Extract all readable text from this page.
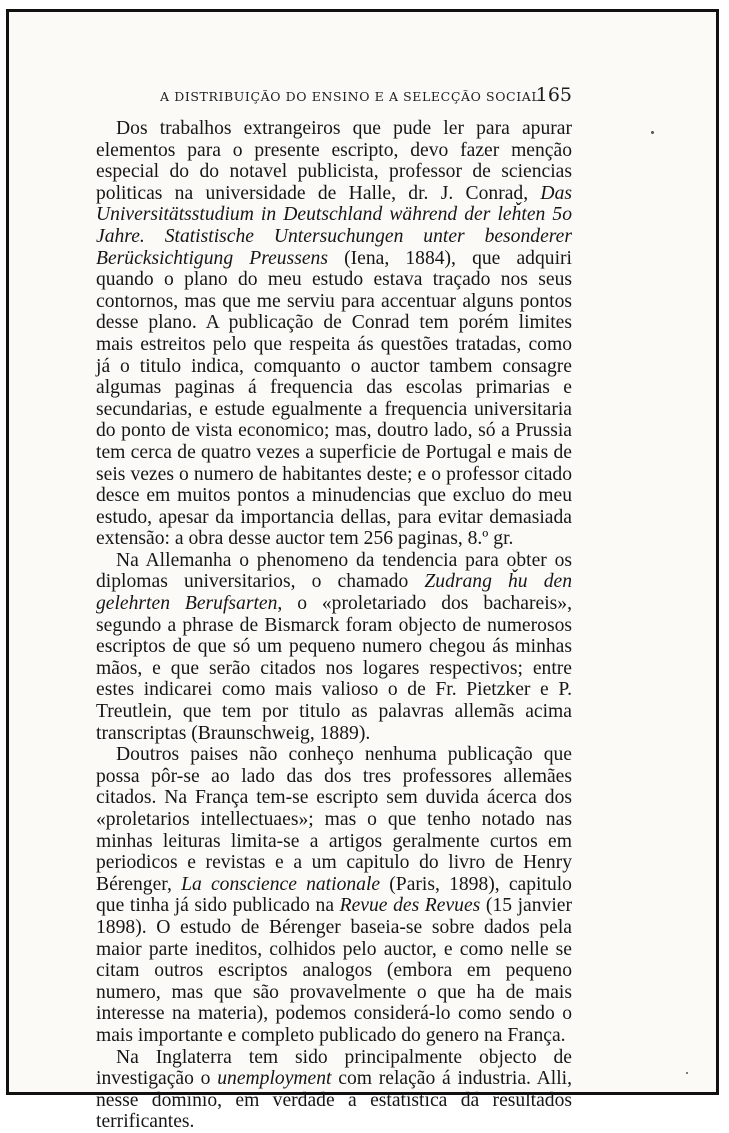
A DISTRIBUIÇÃO DO ENSINO E A SELECÇÃO SOCIAL
165

Dos trabalhos extrangeiros que pude ler para apurar elementos para o presente escripto, devo fazer menção especial do do notavel publicista, professor de sciencias politicas na universidade de Halle, dr. J. Conrad, Das Universitätsstudium in Deutschland während der leȟten 5o Jahre. Statistische Untersuchungen unter besonderer Berücksichtigung Preussens (Iena, 1884), que adquiri quando o plano do meu estudo estava traçado nos seus contornos, mas que me serviu para accentuar alguns pontos desse plano. A publicação de Conrad tem porém limites mais estreitos pelo que respeita ás questões tratadas, como já o titulo indica, comquanto o auctor tambem consagre algumas paginas á frequencia das escolas primarias e secundarias, e estude egualmente a frequencia universitaria do ponto de vista economico; mas, doutro lado, só a Prussia tem cerca de quatro vezes a superficie de Portugal e mais de seis vezes o numero de habitantes deste; e o professor citado desce em muitos pontos a minudencias que excluo do meu estudo, apesar da importancia dellas, para evitar demasiada extensão: a obra desse auctor tem 256 paginas, 8.º gr.

Na Allemanha o phenomeno da tendencia para obter os diplomas universitarios, o chamado Zudrang ȟu den gelehrten Berufsarten, o «proletariado dos bachareis», segundo a phrase de Bismarck foram objecto de numerosos escriptos de que só um pequeno numero chegou ás minhas mãos, e que serão citados nos logares respectivos; entre estes indicarei como mais valioso o de Fr. Pietzker e P. Treutlein, que tem por titulo as palavras allemãs acima transcriptas (Braunschweig, 1889).

Doutros paises não conheço nenhuma publicação que possa pôr-se ao lado das dos tres professores allemães citados. Na França tem-se escripto sem duvida ácerca dos «proletarios intellectuaes»; mas o que tenho notado nas minhas leituras limita-se a artigos geralmente curtos em periodicos e revistas e a um capitulo do livro de Henry Bérenger, La conscience nationale (Paris, 1898), capitulo que tinha já sido publicado na Revue des Revues (15 janvier 1898). O estudo de Bérenger baseia-se sobre dados pela maior parte ineditos, colhidos pelo auctor, e como nelle se citam outros escriptos analogos (embora em pequeno numero, mas que são provavelmente o que ha de mais interesse na materia), podemos considerá-lo como sendo o mais importante e completo publicado do genero na França.

Na Inglaterra tem sido principalmente objecto de investigação o unemployment com relação á industria. Alli, nesse dominio, em verdade a estatistica dá resultados terrificantes.
